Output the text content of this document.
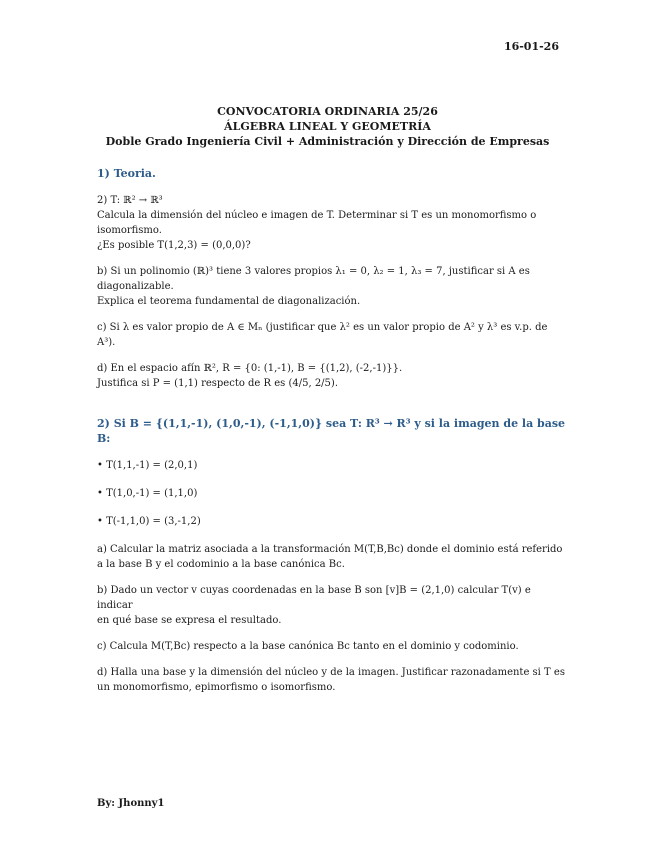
16-01-26
CONVOCATORIA ORDINARIA 25/26
ÁLGEBRA LINEAL Y GEOMETRÍA
Doble Grado Ingeniería Civil + Administración y Dirección de Empresas
1) Teoria.
2) T: ℝ² → ℝ³
Calcula la dimensión del núcleo e imagen de T. Determinar si T es un monomorfismo o
isomorfismo.
¿Es posible T(1,2,3) = (0,0,0)?
b) Si un polinomio (ℝ)³ tiene 3 valores propios λ₁ = 0, λ₂ = 1, λ₃ = 7, justificar si A es
diagonalizable.
Explica el teorema fundamental de diagonalización.
c) Si λ es valor propio de A ∈ Mₙ (justificar que λ² es un valor propio de A² y λ³ es v.p. de A³).
d) En el espacio afín ℝ², R = {0: (1,-1), B = {(1,2), (-2,-1)}}.
Justifica si P = (1,1) respecto de R es (4/5, 2/5).
2) Si B = {(1,1,-1), (1,0,-1), (-1,1,0)} sea T: R³ → R³ y si la imagen de la base B:
• T(1,1,-1) = (2,0,1)
• T(1,0,-1) = (1,1,0)
• T(-1,1,0) = (3,-1,2)
a) Calcular la matriz asociada a la transformación M(T,B,Bc) donde el dominio está referido
a la base B y el codominio a la base canónica Bc.
b) Dado un vector v cuyas coordenadas en la base B son [v]B = (2,1,0) calcular T(v) e indicar
en qué base se expresa el resultado.
c) Calcula M(T,Bc) respecto a la base canónica Bc tanto en el dominio y codominio.
d) Halla una base y la dimensión del núcleo y de la imagen. Justificar razonadamente si T es
un monomorfismo, epimorfismo o isomorfismo.
By: Jhonny1
